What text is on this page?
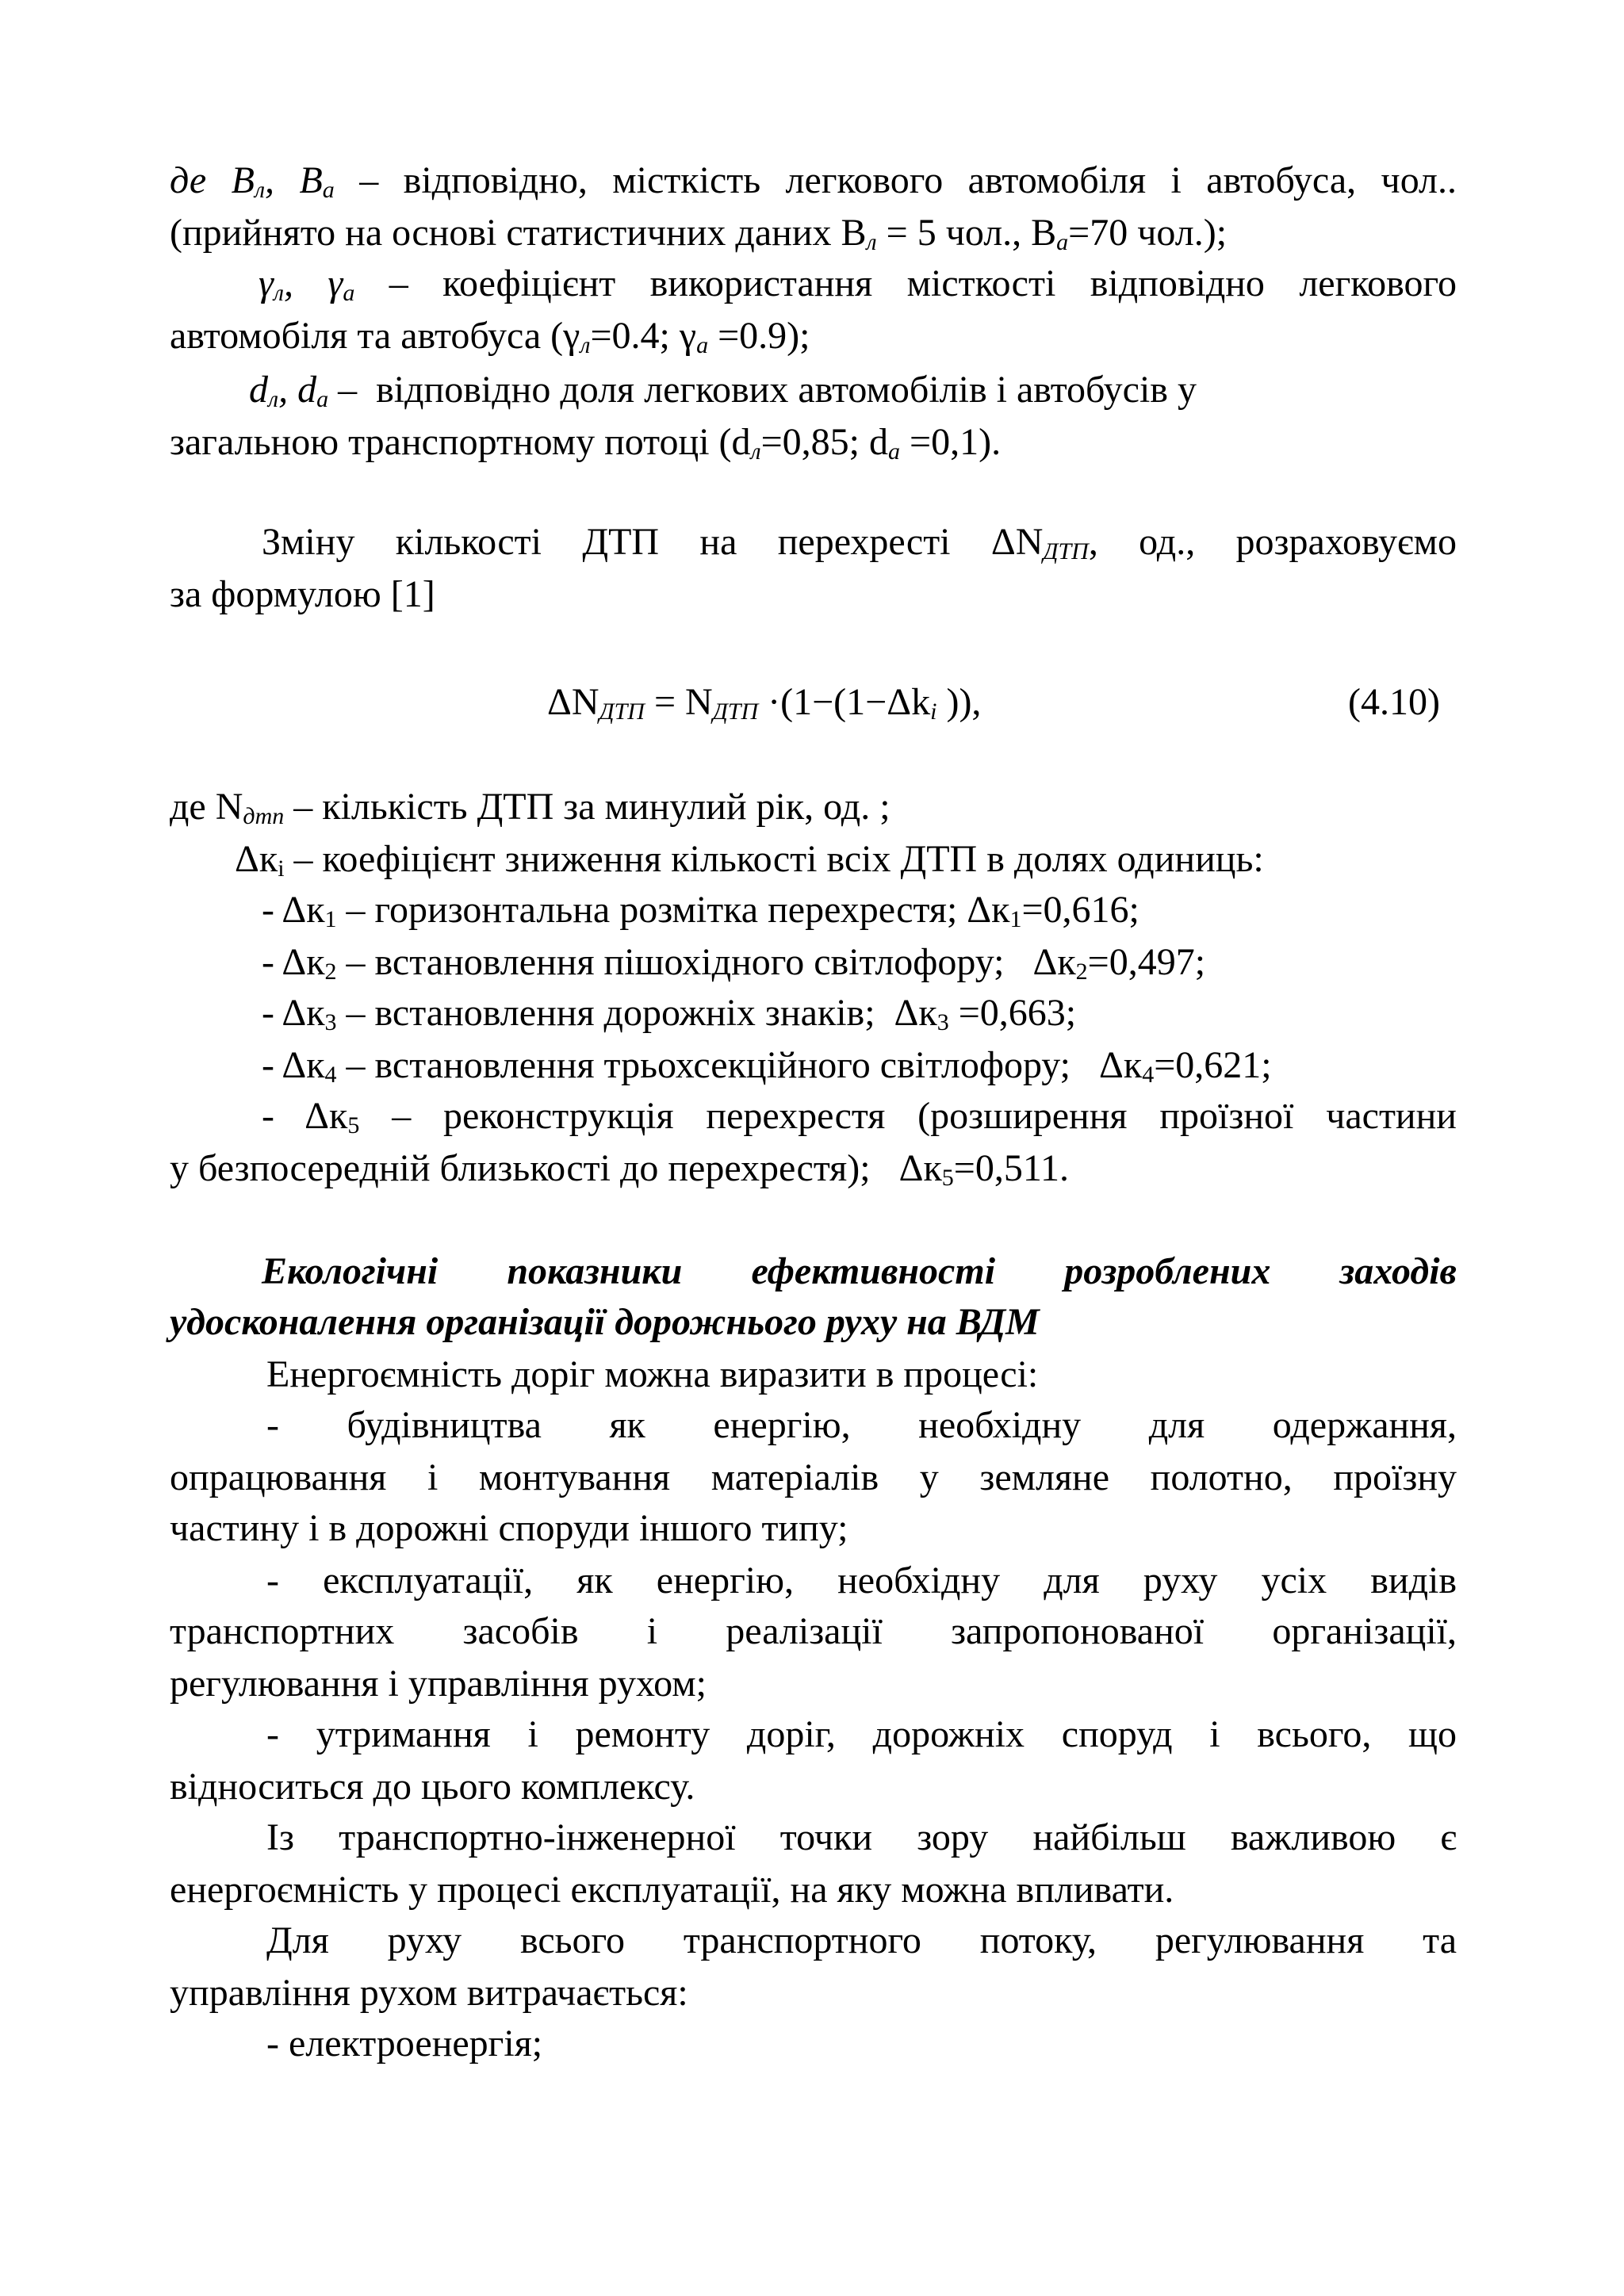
де $В_л$, $В_а$ – відповідно, місткість легкового автомобіля і автобуса, чол..
(прийнято на основі статистичних даних $В_л = 5$ чол., $В_а=70$ чол.);
$\gamma_л$, $\gamma_а$ – коефіцієнт використання місткості відповідно легкового
автомобіля та автобуса ($\gamma_л=0.4$; $\gamma_а =0.9$);
$d_л$, $d_а$ –  відповідно доля легкових автомобілів і автобусів у
загальною транспортному потоці ($d_л=0,85$; $d_а =0,1$).
Зміну кількості ДТП на перехресті $\Delta N_{ДТП}$, од., розраховуємо
за формулою [1]
$\Delta N_{ДТП} = N_{ДТП} \cdot(1-(1-\Delta k_i$ )),	(4.10)
де $N_{дтп}$ – кількість ДТП за минулий рік, од. ;
$\Delta к_і$ – коефіцієнт зниження кількості всіх ДТП в долях одиниць:
- $\Delta к_1$ – горизонтальна розмітка перехрестя; $\Delta к_1=0,616$;
- $\Delta к_2$ – встановлення пішохідного світлофору;   $\Delta к_2=0,497$;
- $\Delta к_3$ – встановлення дорожніх знаків;  $\Delta к_3 =0,663$;
- $\Delta к_4$ – встановлення трьохсекційного світлофору;   $\Delta к_4=0,621$;
- $\Delta к_5$ – реконструкція перехрестя (розширення проїзної частини
у безпосередній близькості до перехрестя);   $\Delta к_5=0,511$.
Екологічні показники ефективності розроблених заходів
удосконалення організації дорожнього руху на ВДМ
Енергоємність доріг можна виразити в процесі:
- будівництва як енергію, необхідну для одержання,
опрацювання і монтування матеріалів у земляне полотно, проїзну
частину і в дорожні споруди іншого типу;
- експлуатації, як енергію, необхідну для руху усіх видів
транспортних засобів і реалізації запропонованої організації,
регулювання і управління рухом;
- утримання і ремонту доріг, дорожніх споруд і всього, що
відноситься до цього комплексу.
Із транспортно-інженерної точки зору найбільш важливою є
енергоємність у процесі експлуатації, на яку можна впливати.
Для руху всього транспортного потоку, регулювання та
управління рухом витрачається:
- електроенергія;
